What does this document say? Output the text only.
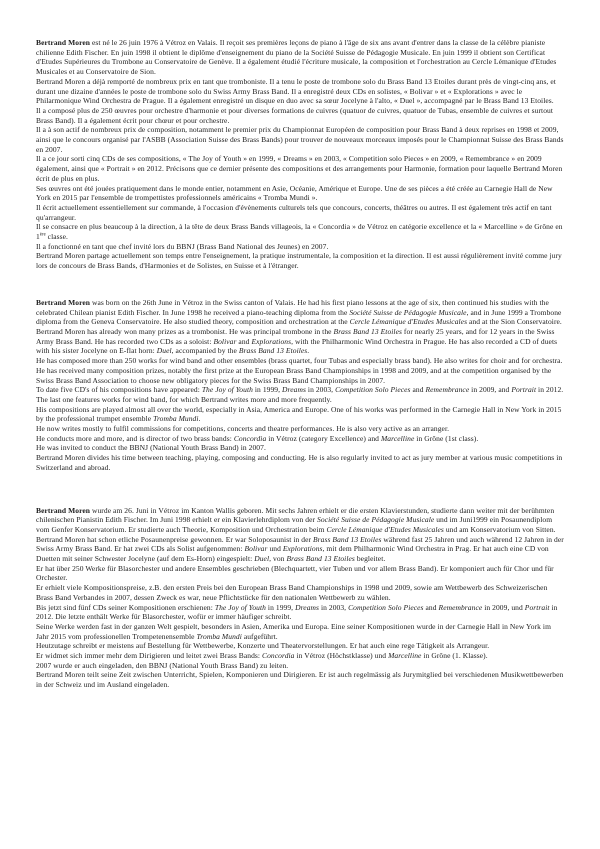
Bertrand Moren est né le 26 juin 1976 à Vétroz en Valais. Il reçoit ses premières leçons de piano à l'âge de six ans avant d'entrer dans la classe de la célèbre pianiste chilienne Edith Fischer. En juin 1998 il obtient le diplôme d'enseignement du piano de la Société Suisse de Pédagogie Musicale. En juin 1999 il obtient son Certificat d'Etudes Supérieures du Trombone au Conservatoire de Genève. Il a également étudié l'écriture musicale, la composition et l'orchestration au Cercle Lémanique d'Etudes Musicales et au Conservatoire de Sion.

Bertrand Moren a déjà remporté de nombreux prix en tant que tromboniste. Il a tenu le poste de trombone solo du Brass Band 13 Etoiles durant près de vingt-cinq ans, et durant une dizaine d'années le poste de trombone solo du Swiss Army Brass Band. Il a enregistré deux CDs en solistes, « Bolivar » et « Explorations » avec le Philarmonique Wind Orchestra de Prague. Il a également enregistré un disque en duo avec sa sœur Jocelyne à l'alto, « Duel », accompagné par le Brass Band 13 Etoiles.

Il a composé plus de 250 œuvres pour orchestre d'harmonie et pour diverses formations de cuivres (quatuor de cuivres, quatuor de Tubas, ensemble de cuivres et surtout Brass Band). Il a également écrit pour chœur et pour orchestre.

Il a à son actif de nombreux prix de composition, notamment le premier prix du Championnat Européen de composition pour Brass Band à deux reprises en 1998 et 2009, ainsi que le concours organisé par l'ASBB (Association Suisse des Brass Bands) pour trouver de nouveaux morceaux imposés pour le Championnat Suisse des Brass Bands en 2007.

Il a ce jour sorti cinq CDs de ses compositions, « The Joy of Youth » en 1999, « Dreams » en 2003, « Competition solo Pieces » en 2009, « Remembrance » en 2009 également, ainsi que « Portrait » en 2012. Précisons que ce dernier présente des compositions et des arrangements pour Harmonie, formation pour laquelle Bertrand Moren écrit de plus en plus.

Ses œuvres ont été jouées pratiquement dans le monde entier, notamment en Asie, Océanie, Amérique et Europe. Une de ses pièces a été créée au Carnegie Hall de New York en 2015 par l'ensemble de trompettistes professionnels américains « Tromba Mundi ».

Il écrit actuellement essentiellement sur commande, à l'occasion d'évènements culturels tels que concours, concerts, théâtres ou autres. Il est également très actif en tant qu'arrangeur.

Il se consacre en plus beaucoup à la direction, à la tête de deux Brass Bands villageois, la « Concordia » de Vétroz en catégorie excellence et la « Marcelline » de Grône en 1ère classe.

Il a fonctionné en tant que chef invité lors du BBNJ (Brass Band National des Jeunes) en 2007.

Bertrand Moren partage actuellement son temps entre l'enseignement, la pratique instrumentale, la composition et la direction. Il est aussi régulièrement invité comme jury lors de concours de Brass Bands, d'Harmonies et de Solistes, en Suisse et à l'étranger.

Bertrand Moren was born on the 26th June in Vétroz in the Swiss canton of Valais. He had his first piano lessons at the age of six, then continued his studies with the celebrated Chilean pianist Edith Fischer. In June 1998 he received a piano-teaching diploma from the Société Suisse de Pédagogie Musicale, and in June 1999 a Trombone diploma from the Geneva Conservatoire. He also studied theory, composition and orchestration at the Cercle Lémanique d'Etudes Musicales and at the Sion Conservatoire.

Bertrand Moren has already won many prizes as a trombonist. He was principal trombone in the Brass Band 13 Etoiles for nearly 25 years, and for 12 years in the Swiss Army Brass Band. He has recorded two CDs as a soloist: Bolivar and Explorations, with the Philharmonic Wind Orchestra in Prague. He has also recorded a CD of duets with his sister Jocelyne on E-flat horn: Duel, accompanied by the Brass Band 13 Etoiles.

He has composed more than 250 works for wind band and other ensembles (brass quartet, four Tubas and especially brass band). He also writes for choir and for orchestra.

He has received many composition prizes, notably the first prize at the European Brass Band Championships in 1998 and 2009, and at the competition organised by the Swiss Brass Band Association to choose new obligatory pieces for the Swiss Brass Band Championships in 2007.

To date five CD's of his compositions have appeared: The Joy of Youth in 1999, Dreams in 2003, Competition Solo Pieces and Remembrance in 2009, and Portrait in 2012. The last one features works for wind band, for which Bertrand writes more and more frequently.

His compositions are played almost all over the world, especially in Asia, America and Europe. One of his works was performed in the Carnegie Hall in New York in 2015 by the professional trumpet ensemble Tromba Mundi.

He now writes mostly to fulfil commissions for competitions, concerts and theatre performances. He is also very active as an arranger.

He conducts more and more, and is director of two brass bands: Concordia in Vétroz (category Excellence) and Marcelline in Grône (1st class).

He was invited to conduct the BBNJ (National Youth Brass Band) in 2007.

Bertrand Moren divides his time between teaching, playing, composing and conducting. He is also regularly invited to act as jury member at various music competitions in Switzerland and abroad.

Bertrand Moren wurde am 26. Juni in Vétroz im Kanton Wallis geboren. Mit sechs Jahren erhielt er die ersten Klavierstunden, studierte dann weiter mit der berühmten chilenischen Pianistin Edith Fischer. Im Juni 1998 erhielt er ein Klavierlehrdiplom von der Société Suisse de Pédagogie Musicale und im Juni1999 ein Posaunendiplom vom Genfer Konservatorium. Er studierte auch Theorie, Komposition und Orchestration beim Cercle Lémanique d'Etudes Musicales und am Konservatorium von Sitten.

Bertrand Moren hat schon etliche Posaunenpreise gewonnen. Er war Soloposaunist in der Brass Band 13 Etoiles während fast 25 Jahren und auch während 12 Jahren in der Swiss Army Brass Band. Er hat zwei CDs als Solist aufgenommen: Bolivar und Explorations, mit dem Philharmonic Wind Orchestra in Prag. Er hat auch eine CD von Duetten mit seiner Schwester Jocelyne (auf dem Es-Horn) eingespielt: Duel, von Brass Band 13 Etoiles begleitet.

Er hat über 250 Werke für Blasorchester und andere Ensembles geschrieben (Blechquartett, vier Tuben und vor allem Brass Band). Er komponiert auch für Chor und für Orchester.

Er erhielt viele Kompositionspreise, z.B. den ersten Preis bei den European Brass Band Championships in 1998 und 2009, sowie am Wettbewerb des Schweizerischen Brass Band Verbandes in 2007, dessen Zweck es war, neue Pflichtstücke für den nationalen Wettbewerb zu wählen.

Bis jetzt sind fünf CDs seiner Kompositionen erschienen: The Joy of Youth in 1999, Dreams in 2003, Competition Solo Pieces and Remembrance in 2009, und Portrait in 2012. Die letzte enthält Werke für Blasorchester, wofür er immer häufiger schreibt.

Seine Werke werden fast in der ganzen Welt gespielt, besonders in Asien, Amerika und Europa. Eine seiner Kompositionen wurde in der Carnegie Hall in New York im Jahr 2015 vom professionellen Trompetenensemble Tromba Mundi aufgeführt.

Heutzutage schreibt er meistens auf Bestellung für Wettbewerbe, Konzerte und Theatervorstellungen. Er hat auch eine rege Tätigkeit als Arrangeur.

Er widmet sich immer mehr dem Dirigieren und leitet zwei Brass Bands: Concordia in Vétroz (Höchstklasse) und Marcelline in Grône (1. Klasse).

2007 wurde er auch eingeladen, den BBNJ (National Youth Brass Band) zu leiten.

Bertrand Moren teilt seine Zeit zwischen Unterricht, Spielen, Komponieren und Dirigieren. Er ist auch regelmässig als Jurymitglied bei verschiedenen Musikwettbewerben in der Schweiz und im Ausland eingeladen.
